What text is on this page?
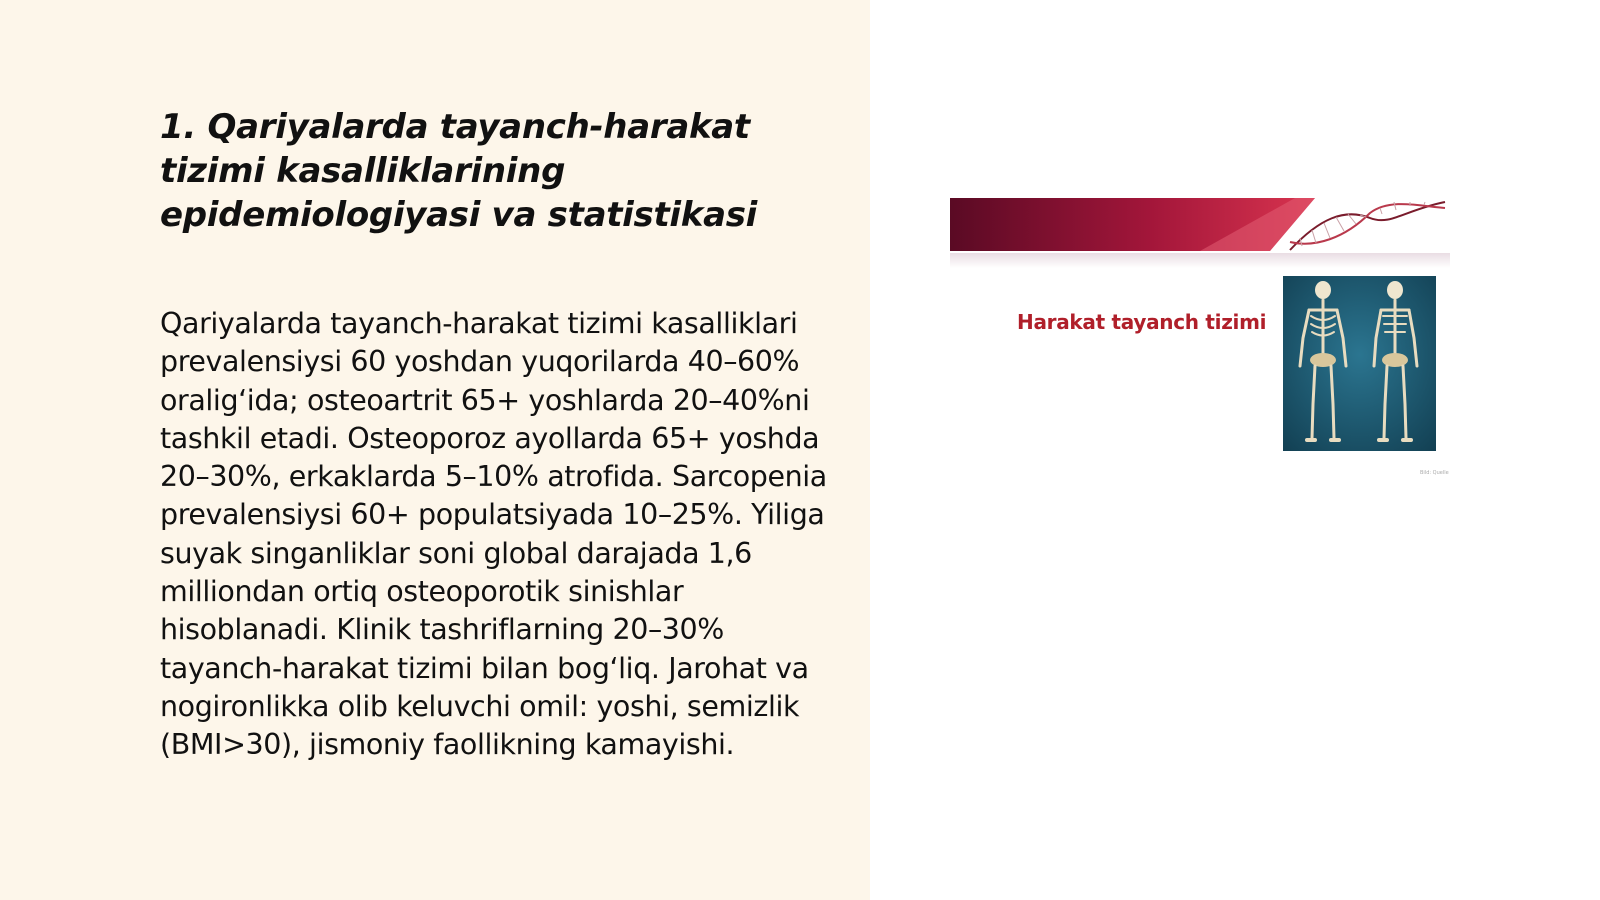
1. Qariyalarda tayanch-harakat tizimi kasalliklarining epidemiologiyasi va statistikasi

Qariyalarda tayanch-harakat tizimi kasalliklari prevalensiysi 60 yoshdan yuqorilarda 40–60% oralig‘ida; osteoartrit 65+ yoshlarda 20–40%ni tashkil etadi. Osteoporoz ayollarda 65+ yoshda 20–30%, erkaklarda 5–10% atrofida. Sarcopenia prevalensiysi 60+ populatsiyada 10–25%. Yiliga suyak singanliklar soni global darajada 1,6 milliondan ortiq osteoporotik sinishlar hisoblanadi. Klinik tashriflarning 20–30% tayanch-harakat tizimi bilan bog‘liq. Jarohat va nogironlikka olib keluvchi omil: yoshi, semizlik (BMI>30), jismoniy faollikning kamayishi.

Harakat tayanch tizimi
Bild: Quelle
